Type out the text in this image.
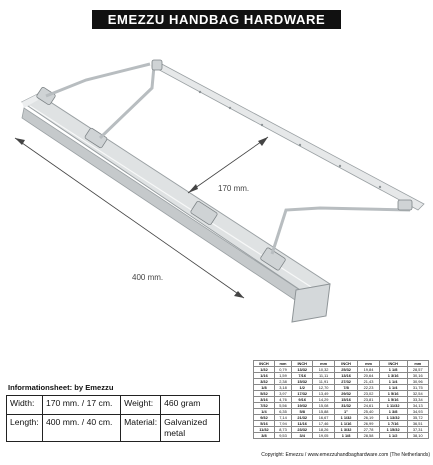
EMEZZU HANDBAG HARDWARE
170 mm.
400 mm.
Informationsheet: by Emezzu
Width:	170 mm. / 17 cm.	Weight:	460 gram
Length:	400 mm. / 40 cm.	Material:	Galvanized metal
INCH	mm	INCH	mm	INCH	mm	INCH	mm
1/32	0,79	13/32	10,32	25/32	19,84	1 1/8	28,57
1/16	1,59	7/16	11,11	13/16	20,64	1 3/16	30,16
3/32	2,38	15/32	11,91	27/32	21,43	1 1/4	30,96
1/8	3,18	1/2	12,70	7/8	22,23	1 1/4	31,75
5/32	3,97	17/32	13,49	29/32	23,02	1 5/16	32,54
3/16	4,76	9/16	14,29	15/16	23,81	1 5/16	33,34
7/32	5,56	19/32	15,08	31/32	24,61	1 11/32	34,13
1/4	6,35	5/8	15,88	1"	25,40	1 3/8	34,93
9/32	7,14	21/32	16,67	1 1/32	26,19	1 13/32	35,72
5/16	7,94	11/16	17,46	1 1/16	26,99	1 7/16	36,51
11/32	8,73	23/32	18,26	1 3/32	27,78	1 15/32	37,31
3/8	9,53	3/4	19,05	1 1/8	28,58	1 1/2	38,10
Copyright: Emezzu / www.emezzuhandbaghardware.com (The Netherlands)
